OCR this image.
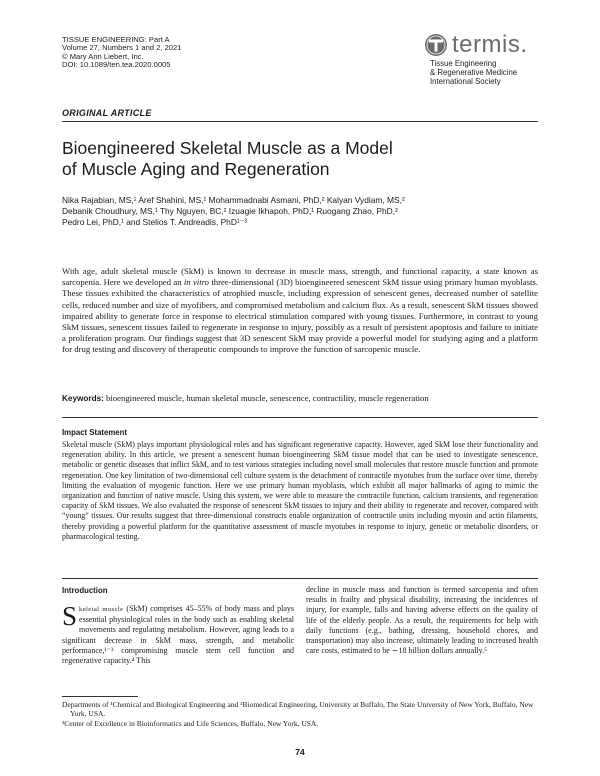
TISSUE ENGINEERING: Part A
Volume 27, Numbers 1 and 2, 2021
© Mary Ann Liebert, Inc.
DOI: 10.1089/ten.tea.2020.0005
termis.
Tissue Engineering
& Regenerative Medicine
International Society
ORIGINAL ARTICLE
Bioengineered Skeletal Muscle as a Model
of Muscle Aging and Regeneration
Nika Rajabian, MS,¹ Aref Shahini, MS,¹ Mohammadnabi Asmani, PhD,² Kalyan Vydiam, MS,²
Debanik Choudhury, MS,¹ Thy Nguyen, BC,² Izuagie Ikhapoh, PhD,¹ Ruogang Zhao, PhD,²
Pedro Lei, PhD,¹ and Stelios T. Andreadis, PhD¹⁻³
With age, adult skeletal muscle (SkM) is known to decrease in muscle mass, strength, and functional capacity, a state known as sarcopenia. Here we developed an in vitro three-dimensional (3D) bioengineered senescent SkM tissue using primary human myoblasts. These tissues exhibited the characteristics of atrophied muscle, including expression of senescent genes, decreased number of satellite cells, reduced number and size of myofibers, and compromised metabolism and calcium flux. As a result, senescent SkM tissues showed impaired ability to generate force in response to electrical stimulation compared with young tissues. Furthermore, in contrast to young SkM tissues, senescent tissues failed to regenerate in response to injury, possibly as a result of persistent apoptosis and failure to initiate a proliferation program. Our findings suggest that 3D senescent SkM may provide a powerful model for studying aging and a platform for drug testing and discovery of therapeutic compounds to improve the function of sarcopenic muscle.
Keywords: bioengineered muscle, human skeletal muscle, senescence, contractility, muscle regeneration
Impact Statement
Skeletal muscle (SkM) plays important physiological roles and has significant regenerative capacity. However, aged SkM lose their functionality and regeneration ability. In this article, we present a senescent human bioengineering SkM tissue model that can be used to investigate senescence, metabolic or genetic diseases that inflict SkM, and to test various strategies including novel small molecules that restore muscle function and promote regeneration. One key limitation of two-dimensional cell culture system is the detachment of contractile myotubes from the surface over time, thereby limiting the evaluation of myogenic function. Here we use primary human myoblasts, which exhibit all major hallmarks of aging to mimic the organization and function of native muscle. Using this system, we were able to measure the contractile function, calcium transients, and regeneration capacity of SkM tissues. We also evaluated the response of senescent SkM tissues to injury and their ability to regenerate and recover, compared with “young” tissues. Our results suggest that three-dimensional constructs enable organization of contractile units including myosin and actin filaments, thereby providing a powerful platform for the quantitative assessment of muscle myotubes in response to injury, genetic or metabolic disorders, or pharmacological testing.
Introduction
Skeletal muscle (SkM) comprises 45–55% of body mass and plays essential physiological roles in the body such as enabling skeletal movements and regulating metabolism. However, aging leads to a significant decrease in SkM mass, strength, and metabolic performance,¹⁻³ compromising muscle stem cell function and regenerative capacity.⁴ This
decline in muscle mass and function is termed sarcopenia and often results in frailty and physical disability, increasing the incidences of injury, for example, falls and having adverse effects on the quality of life of the elderly people. As a result, the requirements for help with daily functions (e.g., bathing, dressing, household chores, and transportation) may also increase, ultimately leading to increased health care costs, estimated to be ∼18 billion dollars annually.⁵
Departments of ¹Chemical and Biological Engineering and ²Biomedical Engineering, University at Buffalo, The State University of New York, Buffalo, New York, USA.
³Center of Excellence in Bioinformatics and Life Sciences, Buffalo, New York, USA.
74
